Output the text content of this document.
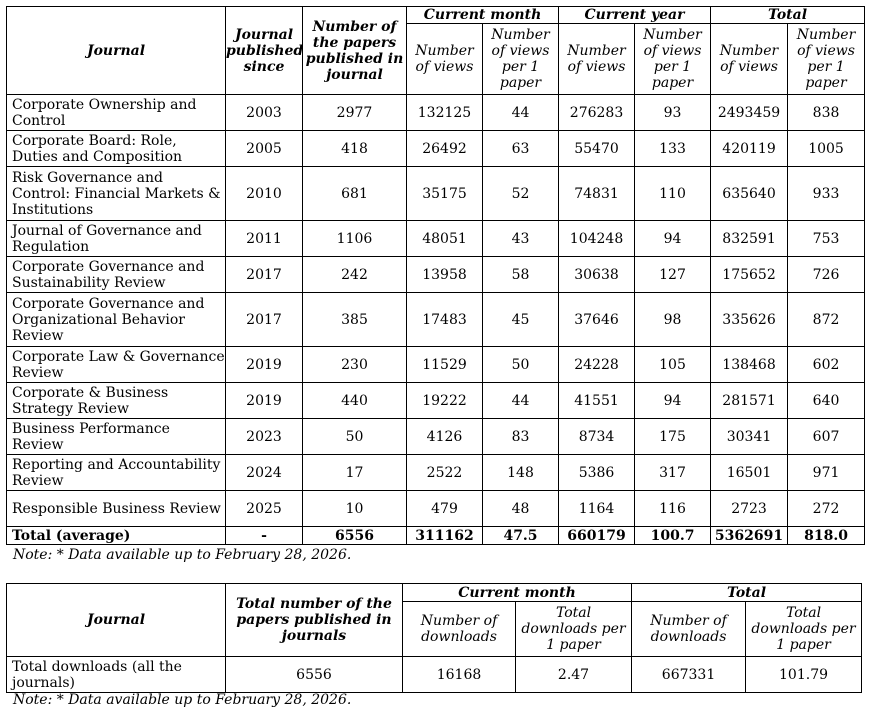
Journal	Journal published since	Number of the papers published in journal	Current month		Current year		Total	
			Number of views	Number of views per 1 paper	Number of views	Number of views per 1 paper	Number of views	Number of views per 1 paper
Corporate Ownership and Control	2003	2977	132125	44	276283	93	2493459	838
Corporate Board: Role, Duties and Composition	2005	418	26492	63	55470	133	420119	1005
Risk Governance and Control: Financial Markets & Institutions	2010	681	35175	52	74831	110	635640	933
Journal of Governance and Regulation	2011	1106	48051	43	104248	94	832591	753
Corporate Governance and Sustainability Review	2017	242	13958	58	30638	127	175652	726
Corporate Governance and Organizational Behavior Review	2017	385	17483	45	37646	98	335626	872
Corporate Law & Governance Review	2019	230	11529	50	24228	105	138468	602
Corporate & Business Strategy Review	2019	440	19222	44	41551	94	281571	640
Business Performance Review	2023	50	4126	83	8734	175	30341	607
Reporting and Accountability Review	2024	17	2522	148	5386	317	16501	971
Responsible Business Review	2025	10	479	48	1164	116	2723	272
Total (average)	-	6556	311162	47.5	660179	100.7	5362691	818.0
Note: * Data available up to February 28, 2026.
Journal	Total number of the papers published in journals	Current month		Total	
		Number of downloads	Total downloads per 1 paper	Number of downloads	Total downloads per 1 paper
Total downloads (all the journals)	6556	16168	2.47	667331	101.79
Note: * Data available up to February 28, 2026.
